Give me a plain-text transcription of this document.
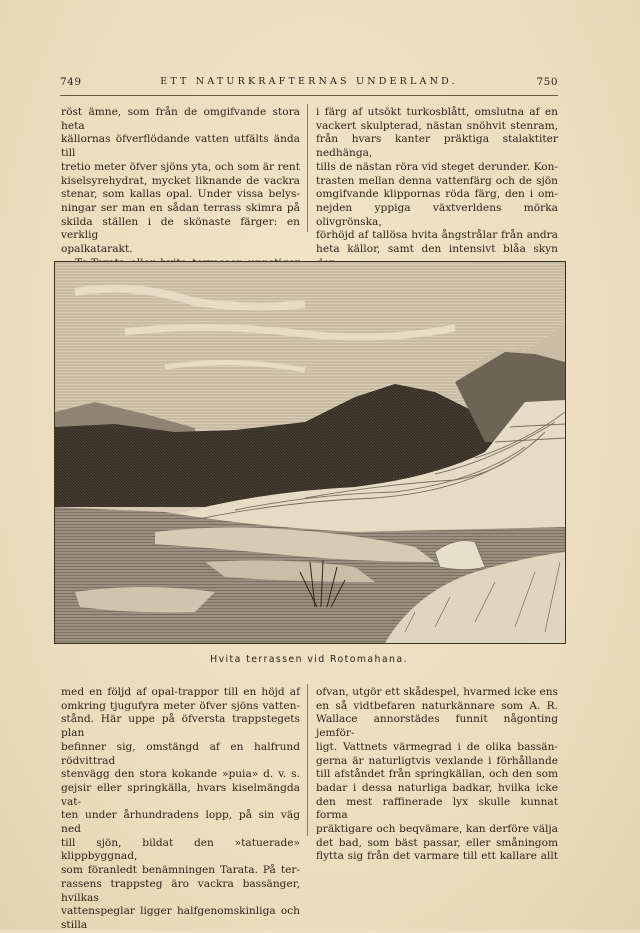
749	ETT NATURKRAFTERNAS UNDERLAND.	750

röst ämne, som från de omgifvande stora heta

källornas öfverflödande vatten utfälts ända till

tretio meter öfver sjöns yta, och som är rent

kiselsyrehydrat, mycket liknande de vackra

stenar, som kallas opal. Under vissa belys-

ningar ser man en sådan terrass skimra på

skilda ställen i de skönaste färger: en verklig

opalkatarakt.

i färg af utsökt turkosblått, omslutna af en

vackert skulpterad, nästan snöhvit stenram,

från hvars kanter präktiga stalaktiter nedhänga,

tills de nästan röra vid steget derunder. Kon-

trasten mellan denna vattenfärg och de sjön

omgifvande klippornas röda färg, den i om-

nejden yppiga växtverldens mörka olivgrönska,

förhöjd af tallösa hvita ångstrålar från andra

heta källor, samt den intensivt blåa skyn

Hvita terrassen vid Rotomahana.

med en följd af opal-trappor till en höjd af

omkring tjugufyra meter öfver sjöns vatten-

stånd. Här uppe på öfversta trappstegets plan

befinner sig, omstängd af en halfrund rödvittrad

stenvägg den stora kokande »puia» d. v. s.

gejsir eller springkälla, hvars kiselmängda vat-

ten under århundradens lopp, på sin väg ned

till sjön, bildat den »tatuerade» klippbyggnad,

som föranledt benämningen Tarata. På ter-

rassens trappsteg äro vackra bassänger, hvilkas

vattenspeglar ligger halfgenomskinliga och stilla

ofvan, utgör ett skådespel, hvarmed icke ens

en så vidtbefaren naturkännare som A. R.

Wallace annorstädes funnit någonting jemför-

ligt. Vattnets värmegrad i de olika bassän-

gerna är naturligtvis vexlande i förhållande

till afståndet från springkällan, och den som

badar i dessa naturliga badkar, hvilka icke

den mest raffinerade lyx skulle kunnat forma

präktigare och beqvämare, kan derföre välja

det bad, som bäst passar, eller småningom

flytta sig från det varmare till ett kallare allt
